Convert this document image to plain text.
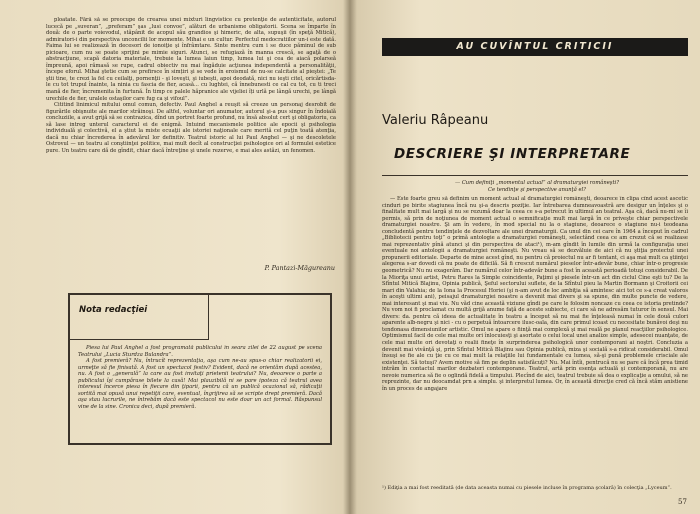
ploatate. Fără să se preocupe de crearea unei mixturi lingvistice cu pretenţie de autenticitate, autorul lucecă pe „suveran”, „preferam” şas „lusi convoe”, alături de urbanisme obligatorii. Scena se împarte în două: de o parte voievodul, stăpânit de acopul său grandios şi himeric, de alta, supuşii (în speţă Mitică), admiratori-i din perspectiva unconcilii lor momente. Mihai e un cultur. Perfectul medocratiilor un-i este dată. Faima lui se realizează în decesori de ionoiţie şi înfrâmtare. Sinte mentru cum i se duce păminul de sub picioare, cum nu se poate sprijini pe mimie siguri. Atunci, se refugiază în manna crescă, se agaţă de o abstracţiune, scapă datoria materiale, trebuie la lumea laiun timp, lumea lui şi cea de aiacă polarseă împreună, apoi rămasă se rupe, cadrul obiectiv nu mai îngăduie acţiunea independentă a personalităţii, începe eforul. Mihai ştetie cum se prefirsce în simțiri şi se vede în eroismul de nu-se calcitate al pieştei: „Te ştii tine, te crezi la fel cu ceilalţi, pornenţii - şi loveşti, şi iubeşti, apoi deodată, nici nu ieşti citel, oricărtisda-le cu tot trupul înainte, la ninia cu fascia de fier, acasă... cu lughtei, că înnebunesti ce cal cu tot, cu ti treci mană de fier, încremenita în furtună. În timp ce palele hăpranice ale vijeliei îți urlă pe lângă urechi, pe lângă urechile de fier, uralele ostaşilor care fug ca şi vifoul”.

Cititind linimicul mitului omul comun, defectiv. Paul Anghel a reuşit să creeze un personaj desrobit de figurările obişnuite ale marilor străinoşi. De altfel, voluntar ori anumator, autorul şi-a pus singur în îndoială concluziile, a avut grijă să se contrazica, dînd un portret foarte profund, nu însă absolut cert şi obligatoriu, ca să lase intreg unterul caracterul ei de enigmă. Intuind mecanismele politice ale epocii şi psihologia individuală şi colectivă, el a ştiut la miste ecuaţii ale istoriei naţionale care merită cel puţin toată atenţia, dacă nu chiar încrederea în adevărul lor definitiv. Teatrul istoric al lui Paul Anghel — şi ne descoletele Ostrovul — un teatru al conştiinţei politice, mai mult decît al construcţiei psihologice ori al formulei estetice pure. Un teatru care dă de gîndit, chiar dacă întreţine şi unele rezerve, e mai ales astăzi, un fenomen.

P. Pantazi-Măgureanu
Nota redacţiei

Piesa lui Paul Anghel a fost programată publicului în seara zilei de 22 august pe scena Teatrului „Lucia Sturdza Bulandra”.

A fost premieră? Nu, întrucît reprezentaţia, aşa cum ne-au spus-o chiar realizatorii ei, urmeţte să fie finisată. A fost un spectacol festiv? Evident, dacă ne orientăm după acestea, nu. A fost o „generală” la care au fost invitaţi prietenii teatrului? Nu, deoarece o parte a publicului îşi cumpărase bilete la casă! Mai plauzibilă ni se pare ipoteza că teatrul avea interesul încerce piesa în fiecare din ţiparii, pentru că un publică ocazional să, rădicaţii sortită mai opusă unui repetiţii care, eventual, îngrijirea să se scripte drept premieră. Dacă aşa stau lucrurile, ne întrebăm dacă este spectacol nu este doar un act formal. Răspunsul vine de la sine. Cronica deci, după premieră.

AU CUVÎNTUL CRITICII
Valeriu Râpeanu
DESCRIERE ŞI INTERPRETARE
— Cum definiţi „momentul actual” al dramaturgiei româneşti?
Ce tendinţe şi perspective anunţă el?

— Este foarte greu să definim un moment actual al dramaturgiei româneşti, deoarece în clipa cînd acest ascetic cinduri pe birite stagiunea încă nu şi-a descris poziţie. Iar întrebarea dumneavoastră are desigur un înţeles şi o finalitate mult mai largă şi nu se rezumă doar la ceea ce s-a petrecut în ultimul an teatral. Aşa că, dacă nu-mi se îi permis, să prin de noţiunea de moment actual o semnificaţie mult mai largă în ce priveşte chiar perspectivele dramaturgiei noastre. Şi am în vedere, în mod special nu la o stagiune, deoarece o stagiune nu-i teodeana concludentă pentru tendinţele de dezvoltare ale unei dramaturgii. Ca unul din cei care în 1964 a început în cadrul „Bibliotecii pentru toţi” o primă antologie a dramaturgiei româneşti, selectând ceea ce am crezut că se realizase mai reprezentativ pînă atunci şi din perspectiva de ataci¹), m-am gîndit în lumile din urmă la configuraţia unei eventuale noi antologii a dramaturgiei româneşti. Nu vreau să se dezvăluie de aici că nu ştiţia proiectul unei propunerii editoriale. Departe de mine acest gînd, nu pentru că proiectul nu ar fi tentant, ci aşa mai mult ca ştiinţei alegerea s-ar dovedi că nu poate de dificilă. Să fi crescut numărul pieselor într-adevăr bune, chiar într-o progresie geometrică? Nu nu exagerăm. Dar numărul celor într-adevăr bune a fost în această perioadă totuşi considerabil. De la Mioriţa unui artist, Petru Rares la Simple coincidente, Paţimi şi piesele într-un act din ciclul Cine eşti tu? De la Sfîntul Mitică Blajinu, Opinia publică, Şeful sectorului suflete, de la Sfîntul pieu la Martin Bormann şi Croitorii cei mari din Valahia; de la Iona la Procesul Horiei (şi n-am avut de loc ambiţia să amintesc aici tot ce s-a creat valoros în aceşti ultimi ani), peisajul dramaturgiei noastre a devenit mai divers şi sa spune, din multe puncte de vedere, mai interesant şi mai viu. Nu văd cine această viziune gîndi pe care le folosim noncaze cu ceea ce istoria pretinde? Nu vom noi fi proclamat cu multă grijă anume faţă de aceste subiecte, ci care să ne adresăm tuturor în sensul. Mai divers: da. pentru că ideea de actualitate în teatru a început să nu mai fie înţeleasă numai în cele două culori aparente alb-negru şi nici - cu o perpetuă întoarcere ilusc-oala, din care primul icoast cu necesitate bunăvoi deşi nu tendonasa dimensiunilor artistic. Omul ne apare o fiinţă mai complexă şi mai reală pe planul reacţiilor psihologice. Optimismul facil de cele mai multe ori înlocuiesţi şi asortate o celui local unei analize simple, adesecei nuanţate, de cele mai multe ori devotaţi o realii fineţe în surprinderea psihologică unor contemporani ai noştri. Concluzia a devenit mai vivănţă şi, prin Sfîntul Mitică Blajinu sau Opinia publică, miza şi socială s-a ridicat considerabil. Omul însuşi se fie ale cu ţie cu ce mai mult la relaţiile lui fundamentale cu lumea, să-şi pună problemele crisciale ale existenţei. Să totuşi? Avem motive să fim pe deplin satisfăcuţi? Nu. Mai întîi, pentrucă nu se pare că încă prea timid intrăm în contactul marilor dezbateri contemporane. Teatrul, artă prin esenţa actuală şi contemporană, nu are nevoie numerica să fie o oglindă fidelă a timpului. Plecînd de aici, teatrul trebuie să dea o explicaţie a omului, să ne reprezinte, dar nu deocamdat prn a simplu. şi interpretul lumea. Or, în această direcţie cred că încă stăm anistiene în un proces de angajare

¹) Ediţia a mai fost reeditată (de data aceasta numai cu piesele incluse în programa şcolară) în colecţia „Lyceum”.
57
